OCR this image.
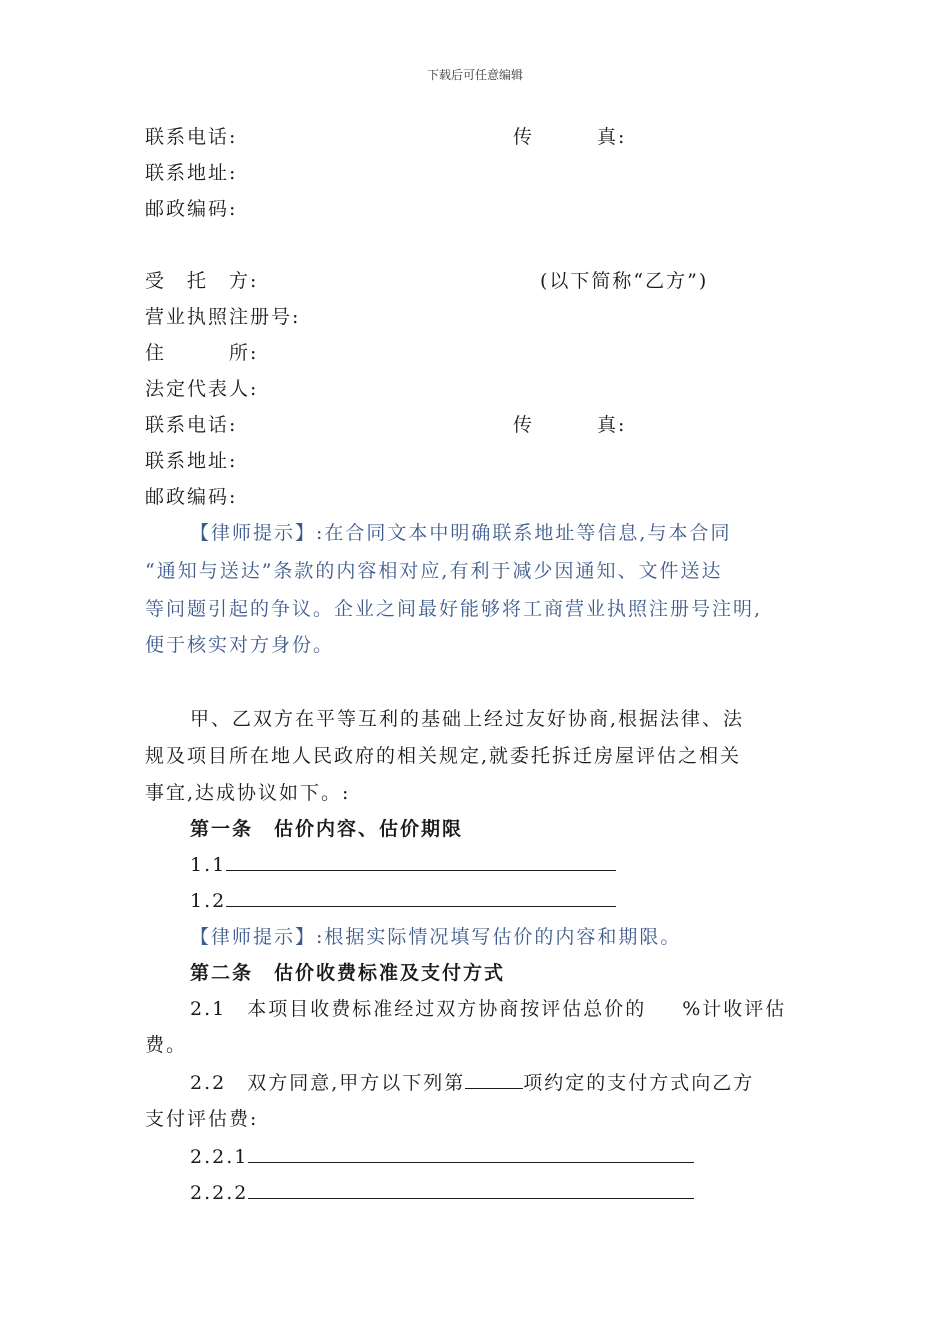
下载后可任意编辑
联系电话:	传　　　真:
联系地址:
邮政编码:
受　托　方:	(以下简称“乙方”)
营业执照注册号:
住　　　所:
法定代表人:
联系电话:	传　　　真:
联系地址:
邮政编码:
【律师提示】:在合同文本中明确联系地址等信息,与本合同
“通知与送达”条款的内容相对应,有利于减少因通知、文件送达
等问题引起的争议。企业之间最好能够将工商营业执照注册号注明,
便于核实对方身份。
甲、乙双方在平等互利的基础上经过友好协商,根据法律、法
规及项目所在地人民政府的相关规定,就委托拆迁房屋评估之相关
事宜,达成协议如下。:
第一条　估价内容、估价期限
1.1
1.2
【律师提示】:根据实际情况填写估价的内容和期限。
第二条　估价收费标准及支付方式
2.1　本项目收费标准经过双方协商按评估总价的 %计收评估
费。
2.2　双方同意,甲方以下列第	项约定的支付方式向乙方
支付评估费:
2.2.1
2.2.2
